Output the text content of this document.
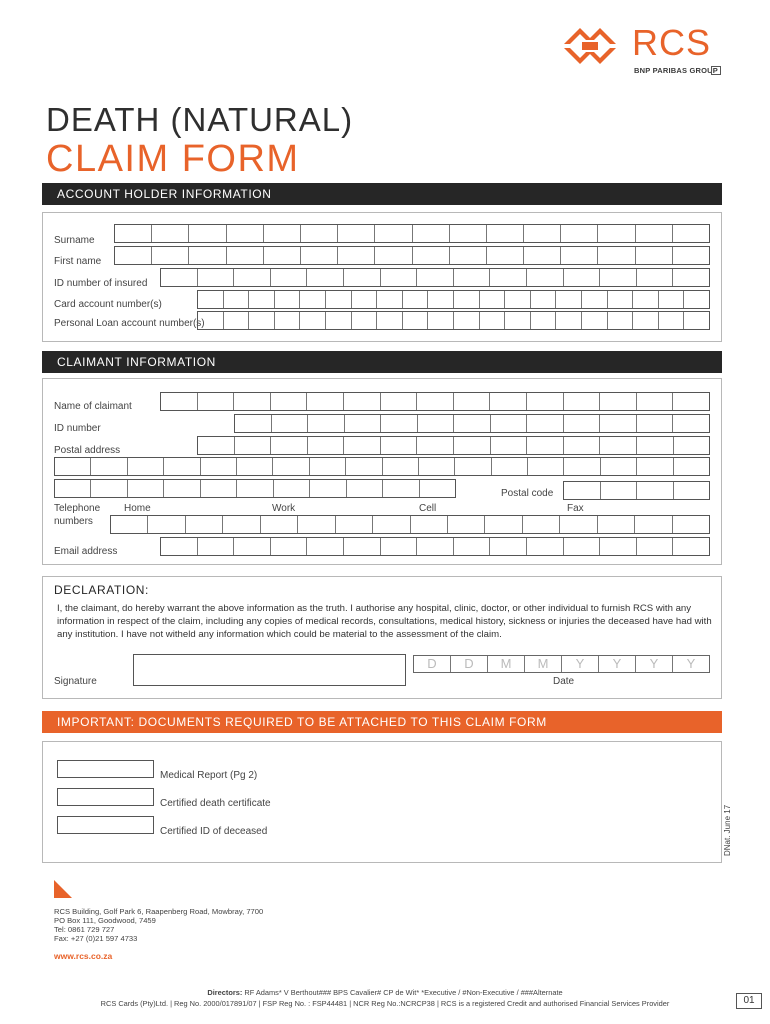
RCS
BNP PARIBAS GROUP
DEATH (NATURAL)
CLAIM FORM
ACCOUNT HOLDER INFORMATION
Surname
First name
ID number of insured
Card account number(s)
Personal Loan account number(s)
CLAIMANT INFORMATION
Name of claimant
ID number
Postal address
Postal code
Telephone
numbers
Home	Work	Cell	Fax
Email address
DECLARATION:
I, the claimant, do hereby warrant the above information as the truth. I authorise any hospital, clinic, doctor, or other individual to furnish RCS with any information in respect of the claim, including any copies of medical records, consultations, medical history, sickness or injuries the deceased have had with any institution. I have not witheld any information which could be material to the assessment of the claim.
Signature
D	D	M	M	Y	Y	Y	Y
Date
IMPORTANT: DOCUMENTS REQUIRED TO BE ATTACHED TO THIS CLAIM FORM
Medical Report (Pg 2)
Certified death certificate
Certified ID of deceased	DNat. June 17
RCS Building, Golf Park 6, Raapenberg Road, Mowbray, 7700
PO Box 111, Goodwood, 7459
Tel: 0861 729 727
Fax: +27 (0)21 597 4733
www.rcs.co.za
Directors: RF Adams* V Berthout### BPS Cavalier# CP de Wit* *Executive / #Non-Executive / ###Alternate
RCS Cards (Pty)Ltd. | Reg No. 2000/017891/07 | FSP Reg No. : FSP44481 | NCR Reg No.:NCRCP38 | RCS is a registered Credit and authorised Financial Services Provider	01
